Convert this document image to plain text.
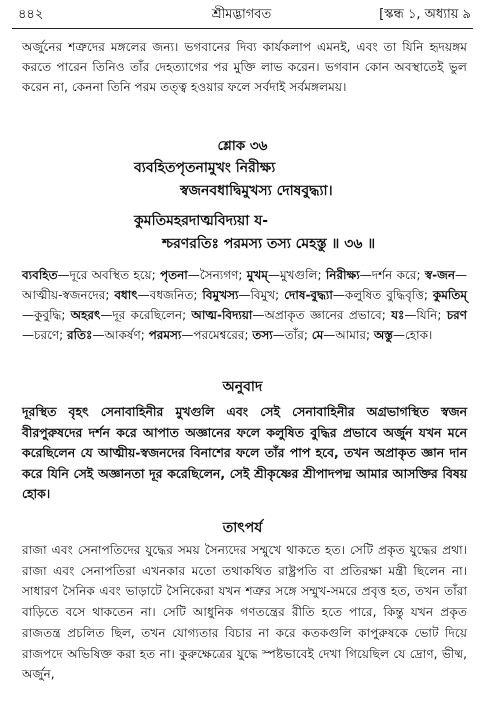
৪৪২	শ্রীমদ্ভাগবত	[স্কন্ধ ১, অধ্যায় ৯
অর্জুনের শত্রুদের মঙ্গলের জন্য। ভগবানের দিব্য কার্যকলাপ এমনই, এবং তা যিনি হৃদয়ঙ্গম করতে পারেন তিনিও তাঁর দেহত্যাগের পর মুক্তি লাভ করেন। ভগবান কোন অবস্থাতেই ভুল করেন না, কেননা তিনি পরম তত্ত্ব হওয়ার ফলে সর্বদাই সর্বমঙ্গলময়।
শ্লোক ৩৬
ব্যবহিতপৃতনামুখং নিরীক্ষ্য
স্বজনবধাদ্বিমুখস্য দোষবুদ্ধ্যা।
কুমতিমহরদাত্মবিদ্যয়া য-
শ্চরণরতিঃ পরমস্য তস্য মেহস্তু ॥ ৩৬ ॥
ব্যবহিত—দূরে অবস্থিত হয়ে; পৃতনা—সৈন্যগণ; মুখম্—মুখগুলি; নিরীক্ষ্য—দর্শন করে; স্ব-জন—আত্মীয়-স্বজনদের; বধাৎ—বধজনিত; বিমুখস্য—বিমুখ; দোষ-বুদ্ধ্যা—কলুষিত বুদ্ধিবৃত্তি; কুমতিম্—কুবুদ্ধি; অহরৎ—দূর করেছিলেন; আত্ম-বিদ্যয়া—অপ্রাকৃত জ্ঞানের প্রভাবে; যঃ—যিনি; চরণ—চরণে; রতিঃ—আকর্ষণ; পরমস্য—পরমেশ্বরের; তস্য—তাঁর; মে—আমার; অস্তু—হোক।
অনুবাদ
দূরস্থিত বৃহৎ সেনাবাহিনীর মুখগুলি এবং সেই সেনাবাহিনীর অগ্রভাগস্থিত স্বজন বীরপুরুষদের দর্শন করে আপাত অজ্ঞানের ফলে কলুষিত বুদ্ধির প্রভাবে অর্জুন যখন মনে করেছিলেন যে আত্মীয়-স্বজনদের বিনাশের ফলে তাঁর পাপ হবে, তখন অপ্রাকৃত জ্ঞান দান করে যিনি সেই অজ্ঞানতা দূর করেছিলেন, সেই শ্রীকৃষ্ণের শ্রীপাদপদ্ম আমার আসক্তির বিষয় হোক।
তাৎপর্য
রাজা এবং সেনাপতিদের যুদ্ধের সময় সৈন্যদের সম্মুখে থাকতে হত। সেটি প্রকৃত যুদ্ধের প্রথা। রাজা এবং সেনাপতিরা এখনকার মতো তথাকথিত রাষ্ট্রপতি বা প্রতিরক্ষা মন্ত্রী ছিলেন না। সাধারণ সৈনিক এবং ভাড়াটে সৈনিকেরা যখন শত্রুর সঙ্গে সম্মুখ-সমরে প্রবৃত্ত হত, তখন তাঁরা বাড়িতে বসে থাকতেন না। সেটি আধুনিক গণতন্ত্রের রীতি হতে পারে, কিন্তু যখন প্রকৃত রাজতন্ত্র প্রচলিত ছিল, তখন যোগ্যতার বিচার না করে কতকগুলি কাপুরুষকে ভোট দিয়ে রাজপদে অভিষিক্ত করা হত না। কুরুক্ষেত্রের যুদ্ধে স্পষ্টভাবেই দেখা গিয়েছিল যে দ্রোণ, ভীষ্ম, অর্জুন,
